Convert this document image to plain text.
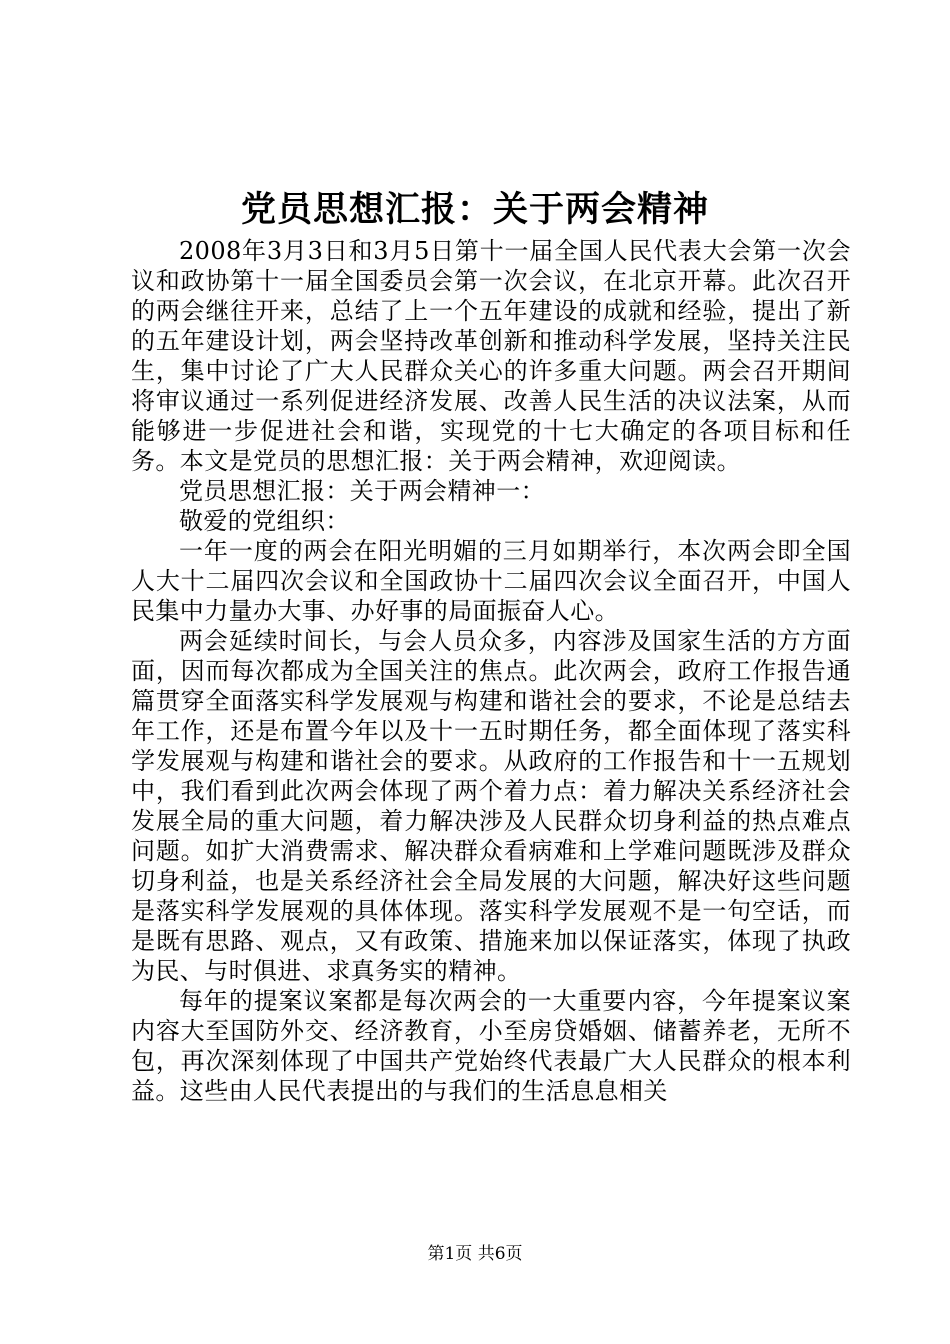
党员思想汇报：关于两会精神

2008年3月3日和3月5日第十一届全国人民代表大会第一次会议和政协第十一届全国委员会第一次会议，在北京开幕。此次召开的两会继往开来，总结了上一个五年建设的成就和经验，提出了新的五年建设计划，两会坚持改革创新和推动科学发展，坚持关注民生，集中讨论了广大人民群众关心的许多重大问题。两会召开期间将审议通过一系列促进经济发展、改善人民生活的决议法案，从而能够进一步促进社会和谐，实现党的十七大确定的各项目标和任务。本文是党员的思想汇报：关于两会精神，欢迎阅读。

党员思想汇报：关于两会精神一：

敬爱的党组织：

一年一度的两会在阳光明媚的三月如期举行，本次两会即全国人大十二届四次会议和全国政协十二届四次会议全面召开，中国人民集中力量办大事、办好事的局面振奋人心。

两会延续时间长，与会人员众多，内容涉及国家生活的方方面面，因而每次都成为全国关注的焦点。此次两会，政府工作报告通篇贯穿全面落实科学发展观与构建和谐社会的要求，不论是总结去年工作，还是布置今年以及十一五时期任务，都全面体现了落实科学发展观与构建和谐社会的要求。从政府的工作报告和十一五规划中，我们看到此次两会体现了两个着力点：着力解决关系经济社会发展全局的重大问题，着力解决涉及人民群众切身利益的热点难点问题。如扩大消费需求、解决群众看病难和上学难问题既涉及群众切身利益，也是关系经济社会全局发展的大问题，解决好这些问题是落实科学发展观的具体体现。落实科学发展观不是一句空话，而是既有思路、观点，又有政策、措施来加以保证落实，体现了执政为民、与时俱进、求真务实的精神。

每年的提案议案都是每次两会的一大重要内容，今年提案议案内容大至国防外交、经济教育，小至房贷婚姻、储蓄养老，无所不包，再次深刻体现了中国共产党始终代表最广大人民群众的根本利益。这些由人民代表提出的与我们的生活息息相关

第1页 共6页
